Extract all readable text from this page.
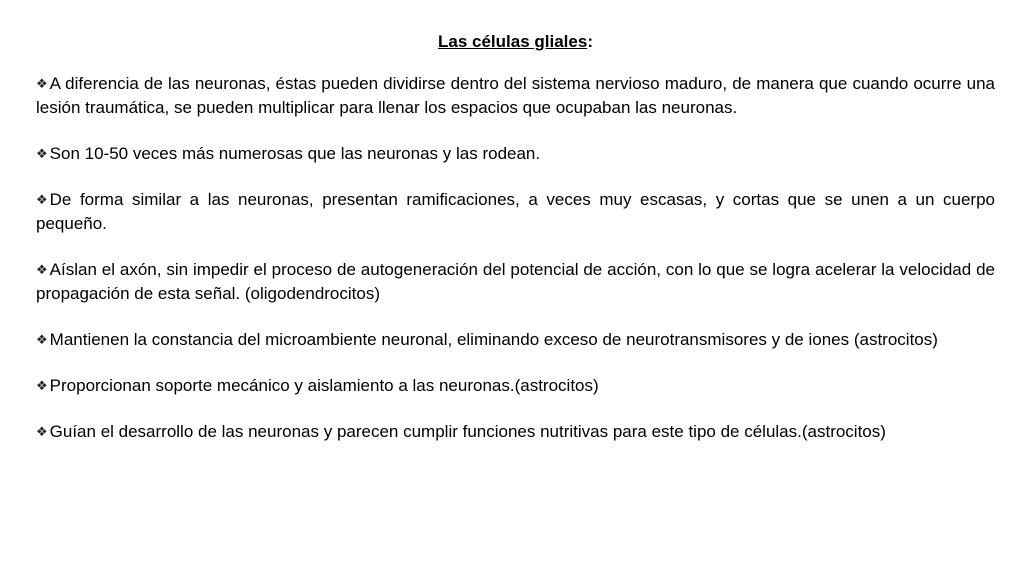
Las células gliales:
❖ A diferencia de las neuronas, éstas pueden dividirse dentro del sistema nervioso maduro, de manera que cuando ocurre una lesión traumática, se pueden multiplicar para llenar los espacios que ocupaban las neuronas.
❖ Son 10-50 veces más numerosas que las neuronas y las rodean.
❖ De forma similar a las neuronas, presentan ramificaciones, a veces muy escasas, y cortas que se unen a un cuerpo pequeño.
❖ Aíslan el axón, sin impedir el proceso de autogeneración del potencial de acción, con lo que se logra acelerar la velocidad de propagación de esta señal. (oligodendrocitos)
❖ Mantienen la constancia del microambiente neuronal, eliminando exceso de neurotransmisores y de iones (astrocitos)
❖ Proporcionan soporte mecánico y aislamiento a las neuronas.(astrocitos)
❖ Guían el desarrollo de las neuronas y parecen cumplir funciones nutritivas para este tipo de células.(astrocitos)
